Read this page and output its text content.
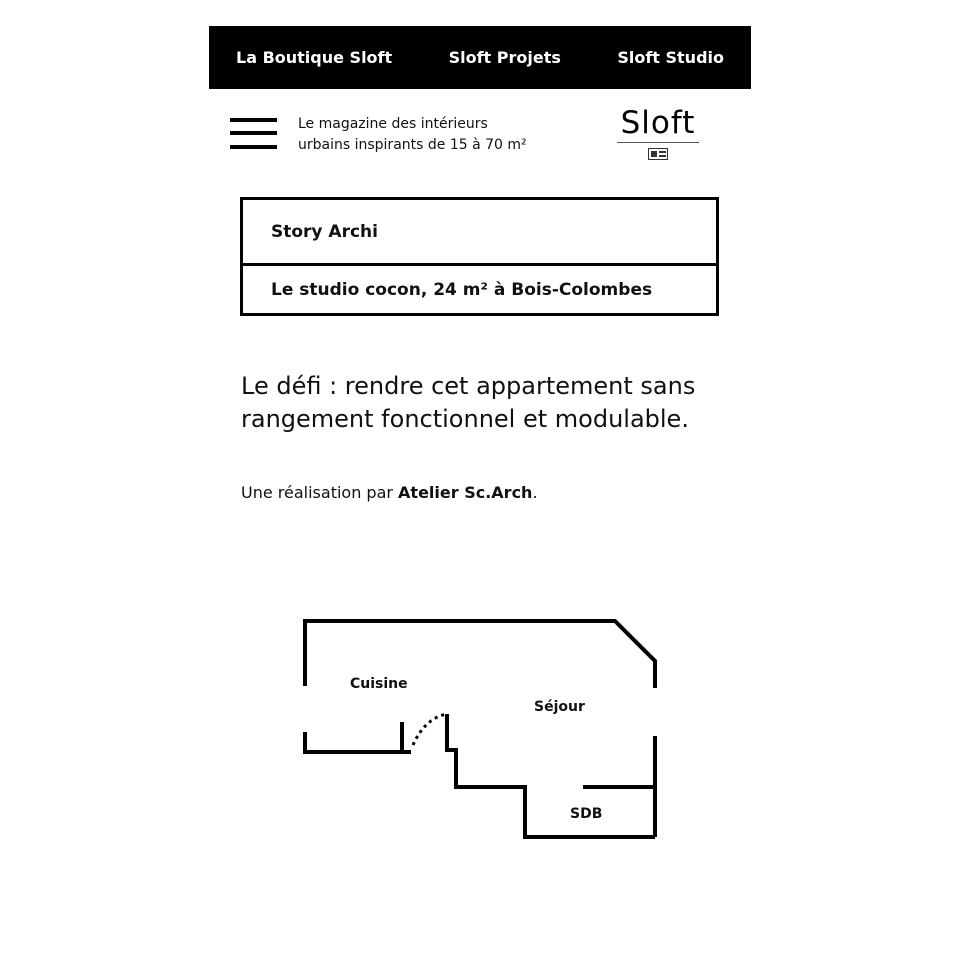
La Boutique Sloft	Sloft Projets	Sloft Studio
Le magazine des intérieurs
urbains inspirants de 15 à 70 m²
Sloft
Story Archi
Le studio cocon, 24 m² à Bois-Colombes
Le défi : rendre cet appartement sans rangement fonctionnel et modulable.
Une réalisation par Atelier Sc.Arch.
Cuisine
Séjour
SDB
